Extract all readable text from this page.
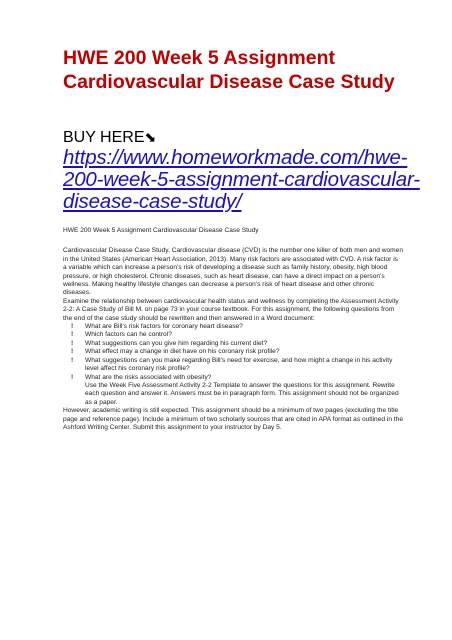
HWE 200 Week 5 Assignment Cardiovascular Disease Case Study
BUY HERE⬊
https://www.homeworkmade.com/hwe-200-week-5-assignment-cardiovascular-disease-case-study/

HWE 200 Week 5 Assignment Cardiovascular Disease Case Study

Cardiovascular Disease Case Study. Cardiovascular disease (CVD) is the number one killer of both men and women in the United States (American Heart Association, 2013). Many risk factors are associated with CVD. A risk factor is a variable which can increase a person’s risk of developing a disease such as family history, obesity, high blood pressure, or high cholesterol. Chronic diseases, such as heart disease, can have a direct impact on a person’s wellness. Making healthy lifestyle changes can decrease a person’s risk of heart disease and other chronic diseases.

Examine the relationship between cardiovascular health status and wellness by completing the Assessment Activity 2-2: A Case Study of Bill M. on page 73 in your course textbook. For this assignment, the following questions from the end of the case study should be rewritten and then answered in a Word document:

! What are Bill’s risk factors for coronary heart disease?
! Which factors can he control?
! What suggestions can you give him regarding his current diet?
! What effect may a change in diet have on his coronary risk profile?
! What suggestions can you make regarding Bill’s need for exercise, and how might a change in his activity

level affect his coronary risk profile?

! What are the risks associated with obesity?

Use the Week Five Assessment Activity 2-2 Template to answer the questions for this assignment. Rewrite each question and answer it. Answers must be in paragraph form. This assignment should not be organized as a paper.

However, academic writing is still expected. This assignment should be a minimum of two pages (excluding the title page and reference page). Include a minimum of two scholarly sources that are cited in APA format as outlined in the Ashford Writing Center. Submit this assignment to your instructor by Day 5.
